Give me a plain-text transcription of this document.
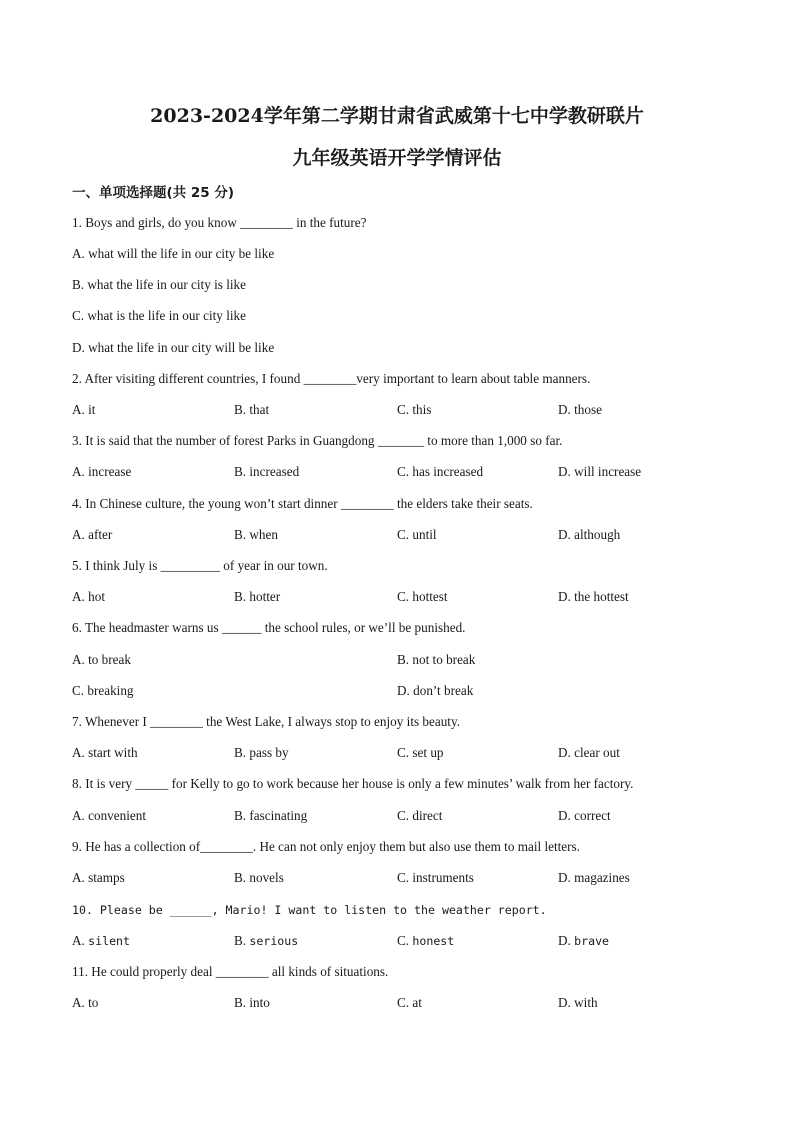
2023-2024学年第二学期甘肃省武威第十七中学教研联片
九年级英语开学学情评估
一、单项选择题(共 25 分)
1. Boys and girls, do you know ________ in the future?
A. what will the life in our city be like
B. what the life in our city is like
C. what is the life in our city like
D. what the life in our city will be like
2. After visiting different countries, I found ________very important to learn about table manners.
A. it	B. that	C. this	D. those
3. It is said that the number of forest Parks in Guangdong _______ to more than 1,000 so far.
A. increase	B. increased	C. has increased	D. will increase
4. In Chinese culture, the young won’t start dinner ________ the elders take their seats.
A. after	B. when	C. until	D. although
5. I think July is _________ of year in our town.
A. hot	B. hotter	C. hottest	D. the hottest
6. The headmaster warns us ______ the school rules, or we’ll be punished.
A. to break	B. not to break
C. breaking	D. don’t break
7. Whenever I ________ the West Lake, I always stop to enjoy its beauty.
A. start with	B. pass by	C. set up	D. clear out
8. It is very _____ for Kelly to go to work because her house is only a few minutes’ walk from her factory.
A. convenient	B. fascinating	C. direct	D. correct
9. He has a collection of________. He can not only enjoy them but also use them to mail letters.
A. stamps	B. novels	C. instruments	D. magazines
10. Please be ______, Mario! I want to listen to the weather report.
A. silent	B. serious	C. honest	D. brave
11. He could properly deal ________ all kinds of situations.
A. to	B. into	C. at	D. with
